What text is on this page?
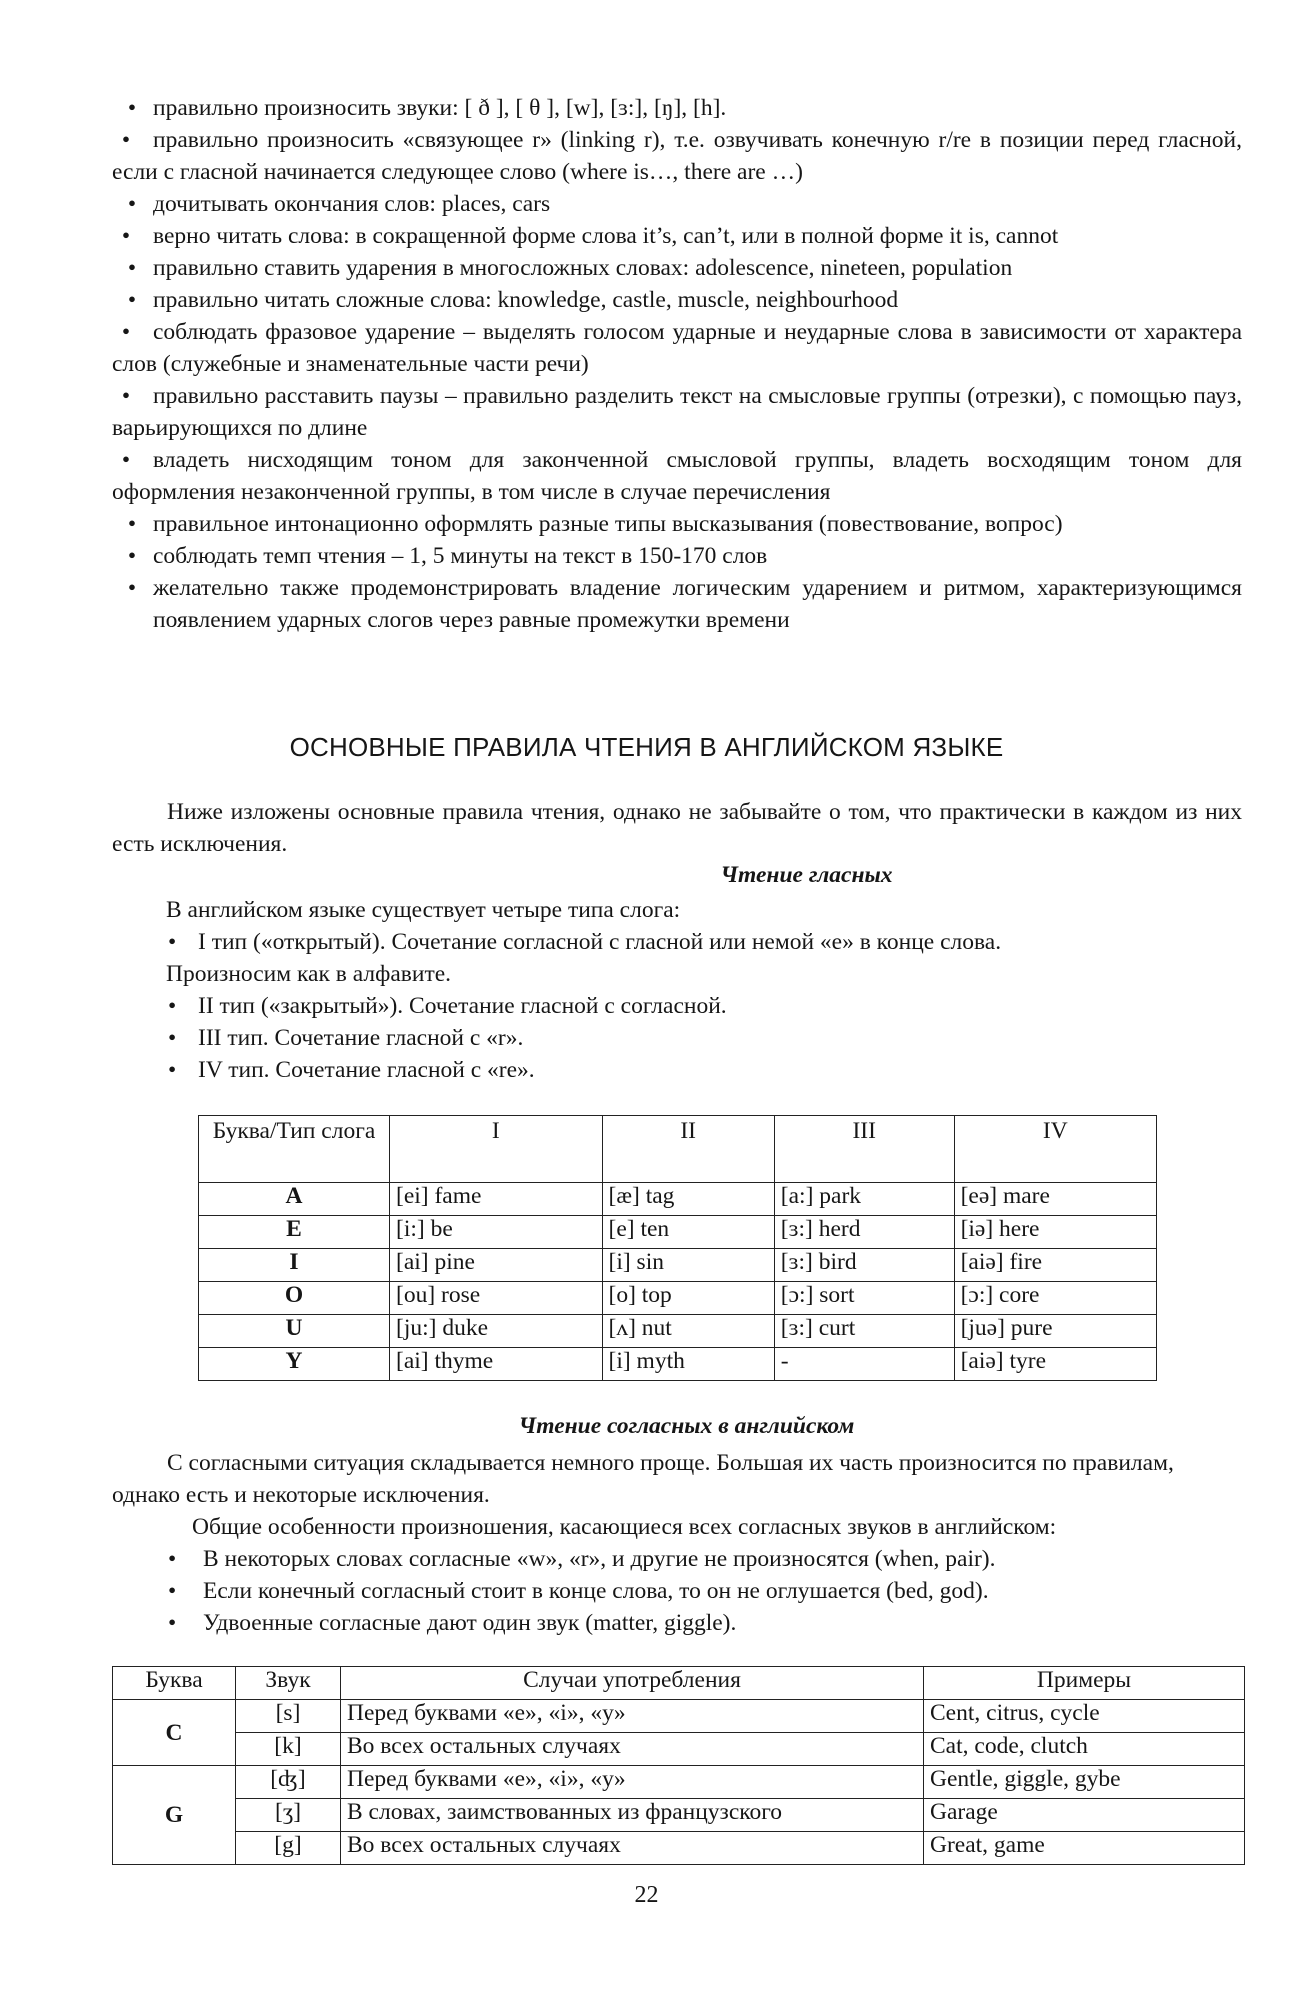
• правильно произносить звуки: [ ð ], [ θ ], [w], [ɜ:], [ŋ], [h].
• правильно произносить «связующее r» (linking r), т.е. озвучивать конечную r/re в позиции перед гласной, если с гласной начинается следующее слово (where is…, there are …)
• дочитывать окончания слов: places, cars
• верно читать слова: в сокращенной форме слова it’s, can’t, или в полной форме it is, cannot
• правильно ставить ударения в многосложных словах: adolescence, nineteen, population
• правильно читать сложные слова: knowledge, castle, muscle, neighbourhood
• соблюдать фразовое ударение – выделять голосом ударные и неударные слова в зависимости от характера слов (служебные и знаменательные части речи)
• правильно расставить паузы – правильно разделить текст на смысловые группы (отрезки), с помощью пауз, варьирующихся по длине
• владеть нисходящим тоном для законченной смысловой группы, владеть восходящим тоном для оформления незаконченной группы, в том числе в случае перечисления
• правильное интонационно оформлять разные типы высказывания (повествование, вопрос)
• соблюдать темп чтения – 1, 5 минуты на текст в 150-170 слов
• желательно также продемонстрировать владение логическим ударением и ритмом, характеризующимся появлением ударных слогов через равные промежутки времени
ОСНОВНЫЕ ПРАВИЛА ЧТЕНИЯ В АНГЛИЙСКОМ ЯЗЫКЕ

Ниже изложены основные правила чтения, однако не забывайте о том, что практически в каждом из них есть исключения.

Чтение гласных

В английском языке существует четыре типа слога:

• I тип («открытый). Сочетание согласной с гласной или немой «е» в конце слова.
Произносим как в алфавите.
• II тип («закрытый»). Сочетание гласной с согласной.
• III тип. Сочетание гласной с «r».
• IV тип. Сочетание гласной с «re».
Буква/Тип слога	I	II	III	IV
A	[ei] fame	[æ] tag	[a:] park	[eə] mare
E	[i:] be	[e] ten	[ɜ:] herd	[iə] here
I	[ai] pine	[i] sin	[ɜ:] bird	[aiə] fire
O	[ou] rose	[o] top	[ɔ:] sort	[ɔ:] core
U	[ju:] duke	[ʌ] nut	[ɜ:] curt	[juə] pure
Y	[ai] thyme	[i] myth	-	[aiə] tyre

Чтение согласных в английском

С согласными ситуация складывается немного проще. Большая их часть произносится по правилам, однако есть и некоторые исключения.

Общие особенности произношения, касающиеся всех согласных звуков в английском:

• В некоторых словах согласные «w», «r», и другие не произносятся (when, pair).
• Если конечный согласный стоит в конце слова, то он не оглушается (bed, god).
• Удвоенные согласные дают один звук (matter, giggle).
Буква	Звук	Случаи употребления	Примеры
C	[s]	Перед буквами «е», «i», «y»	Cent, citrus, cycle
	[k]	Во всех остальных случаях	Cat, code, clutch
G	[ʤ]	Перед буквами «е», «i», «y»	Gentle, giggle, gybe
	[ʒ]	В словах, заимствованных из французского	Garage
	[g]	Во всех остальных случаях	Great, game

22
